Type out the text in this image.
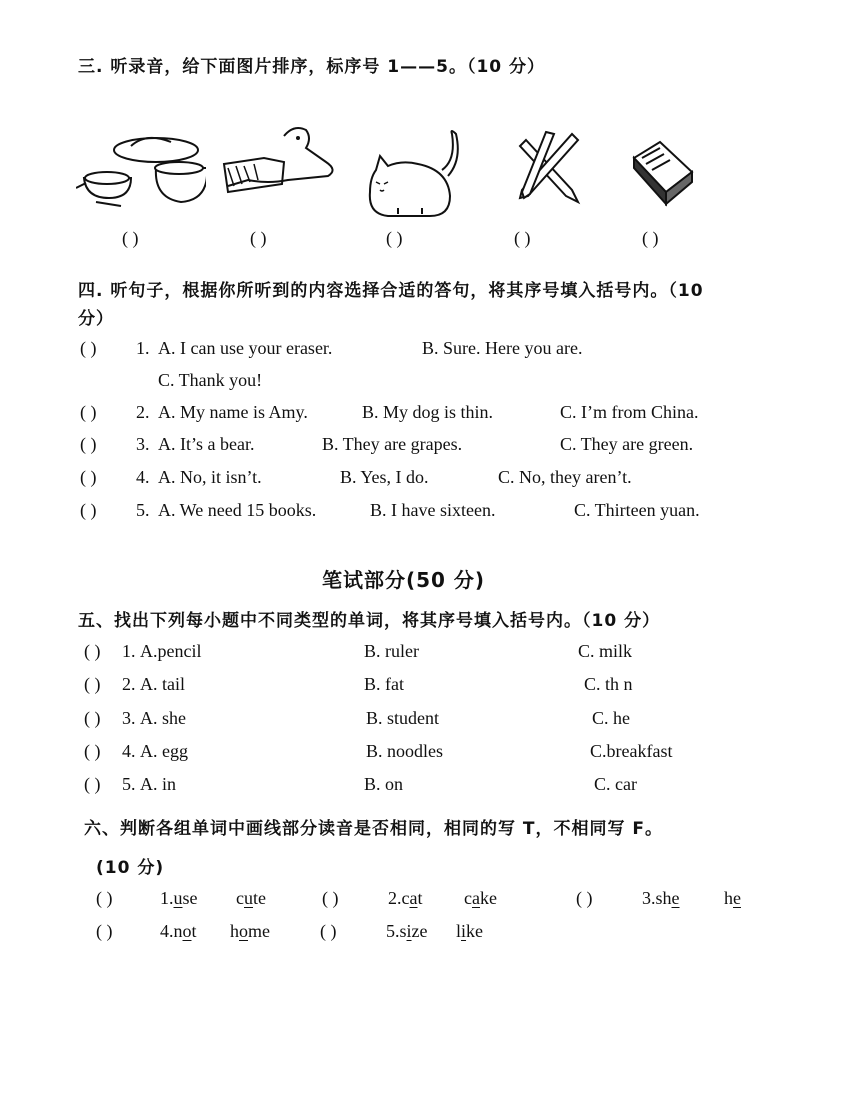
三. 听录音，给下面图片排序，标序号 1——5。（10 分）
( )	( )	( )	( )	( )
四. 听句子，根据你所听到的内容选择合适的答句，将其序号填入括号内。（10
分）
( ) 1. A. I can use your eraser.	B. Sure. Here you are.
C. Thank you!
( ) 2. A. My name is Amy.	B. My dog is thin.	C. I’m from China.
( ) 3. A. It’s a bear.	B. They are grapes.	C. They are green.
( ) 4. A. No, it isn’t.	B. Yes, I do.	C. No, they aren’t.
( ) 5. A. We need 15 books.	B. I have sixteen.	C. Thirteen yuan.
笔试部分(50 分)
五、找出下列每小题中不同类型的单词，将其序号填入括号内。（10 分）
( ) 1. A.pencil	B. ruler	C. milk
( ) 2. A. tail	B. fat	C. th n
( ) 3. A. she	B. student	C. he
( ) 4. A. egg	B. noodles	C.breakfast
( ) 5. A. in	B. on	C. car
六、判断各组单词中画线部分读音是否相同，相同的写 T，不相同写 F。
(10 分)
( )	1.use cute	( )	2.cat cake	( )	3.she he
( )	4.not home	( )	5.size like
